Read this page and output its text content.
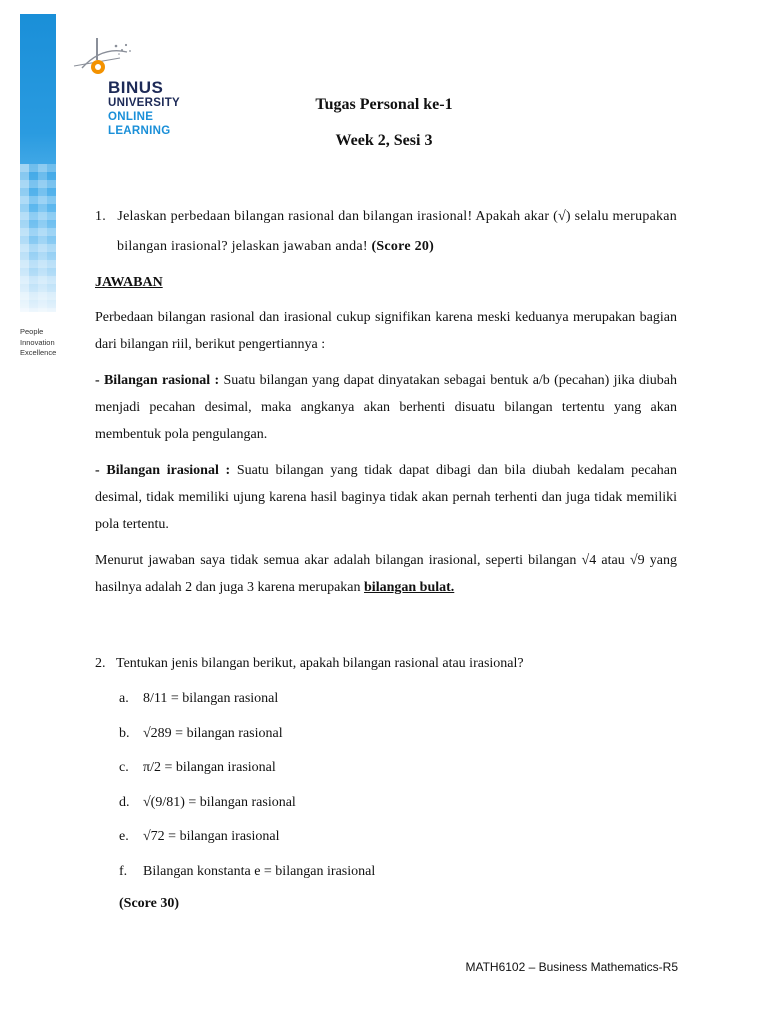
BINUS
UNIVERSITY
ONLINE
LEARNING
People
Innovation
Excellence
Tugas Personal ke-1
Week 2, Sesi 3

1. Jelaskan perbedaan bilangan rasional dan bilangan irasional! Apakah akar (√) selalu merupakan bilangan irasional? jelaskan jawaban anda! (Score 20)

JAWABAN

Perbedaan bilangan rasional dan irasional cukup signifikan karena meski keduanya merupakan bagian dari bilangan riil, berikut pengertiannya :

- Bilangan rasional : Suatu bilangan yang dapat dinyatakan sebagai bentuk a/b (pecahan) jika diubah menjadi pecahan desimal, maka angkanya akan berhenti disuatu bilangan tertentu yang akan membentuk pola pengulangan.

- Bilangan irasional : Suatu bilangan yang tidak dapat dibagi dan bila diubah kedalam pecahan desimal, tidak memiliki ujung karena hasil baginya tidak akan pernah terhenti dan juga tidak memiliki pola tertentu.

Menurut jawaban saya tidak semua akar adalah bilangan irasional, seperti bilangan √4 atau √9 yang hasilnya adalah 2 dan juga 3 karena merupakan bilangan bulat.

2. Tentukan jenis bilangan berikut, apakah bilangan rasional atau irasional?

a.	8/11 = bilangan rasional
b. √289 = bilangan rasional
c.	π/2 = bilangan irasional
d. √(9/81) = bilangan rasional
e.	√72 = bilangan irasional
f.	Bilangan konstanta e = bilangan irasional

(Score 30)

MATH6102 – Business Mathematics-R5
